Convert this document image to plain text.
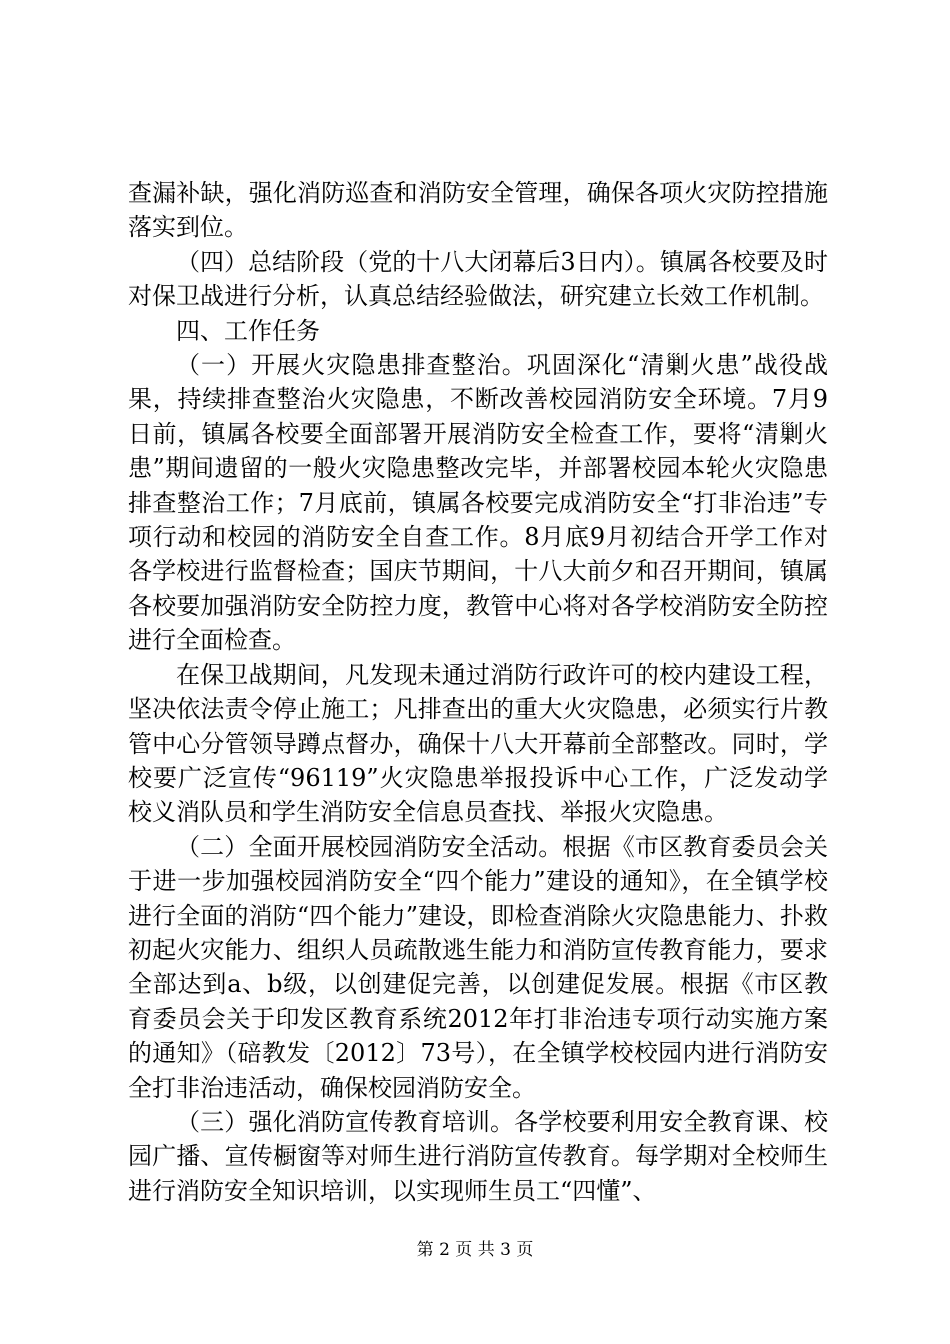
查漏补缺，强化消防巡查和消防安全管理，确保各项火灾防控措施落实到位。

（四）总结阶段（党的十八大闭幕后3日内）。镇属各校要及时对保卫战进行分析，认真总结经验做法，研究建立长效工作机制。

四、工作任务

（一）开展火灾隐患排查整治。巩固深化“清剿火患”战役战果，持续排查整治火灾隐患，不断改善校园消防安全环境。7月9日前，镇属各校要全面部署开展消防安全检查工作，要将“清剿火患”期间遗留的一般火灾隐患整改完毕，并部署校园本轮火灾隐患排查整治工作；7月底前，镇属各校要完成消防安全“打非治违”专项行动和校园的消防安全自查工作。8月底9月初结合开学工作对各学校进行监督检查；国庆节期间，十八大前夕和召开期间，镇属各校要加强消防安全防控力度，教管中心将对各学校消防安全防控进行全面检查。

在保卫战期间，凡发现未通过消防行政许可的校内建设工程，坚决依法责令停止施工；凡排查出的重大火灾隐患，必须实行片教管中心分管领导蹲点督办，确保十八大开幕前全部整改。同时，学校要广泛宣传“96119”火灾隐患举报投诉中心工作，广泛发动学校义消队员和学生消防安全信息员查找、举报火灾隐患。

（二）全面开展校园消防安全活动。根据《市区教育委员会关于进一步加强校园消防安全“四个能力”建设的通知》，在全镇学校进行全面的消防“四个能力”建设，即检查消除火灾隐患能力、扑救初起火灾能力、组织人员疏散逃生能力和消防宣传教育能力，要求全部达到a、b级，以创建促完善，以创建促发展。根据《市区教育委员会关于印发区教育系统2012年打非治违专项行动实施方案的通知》（碚教发〔2012〕73号），在全镇学校校园内进行消防安全打非治违活动，确保校园消防安全。

（三）强化消防宣传教育培训。各学校要利用安全教育课、校园广播、宣传橱窗等对师生进行消防宣传教育。每学期对全校师生进行消防安全知识培训，以实现师生员工“四懂”、

第 2 页 共 3 页
